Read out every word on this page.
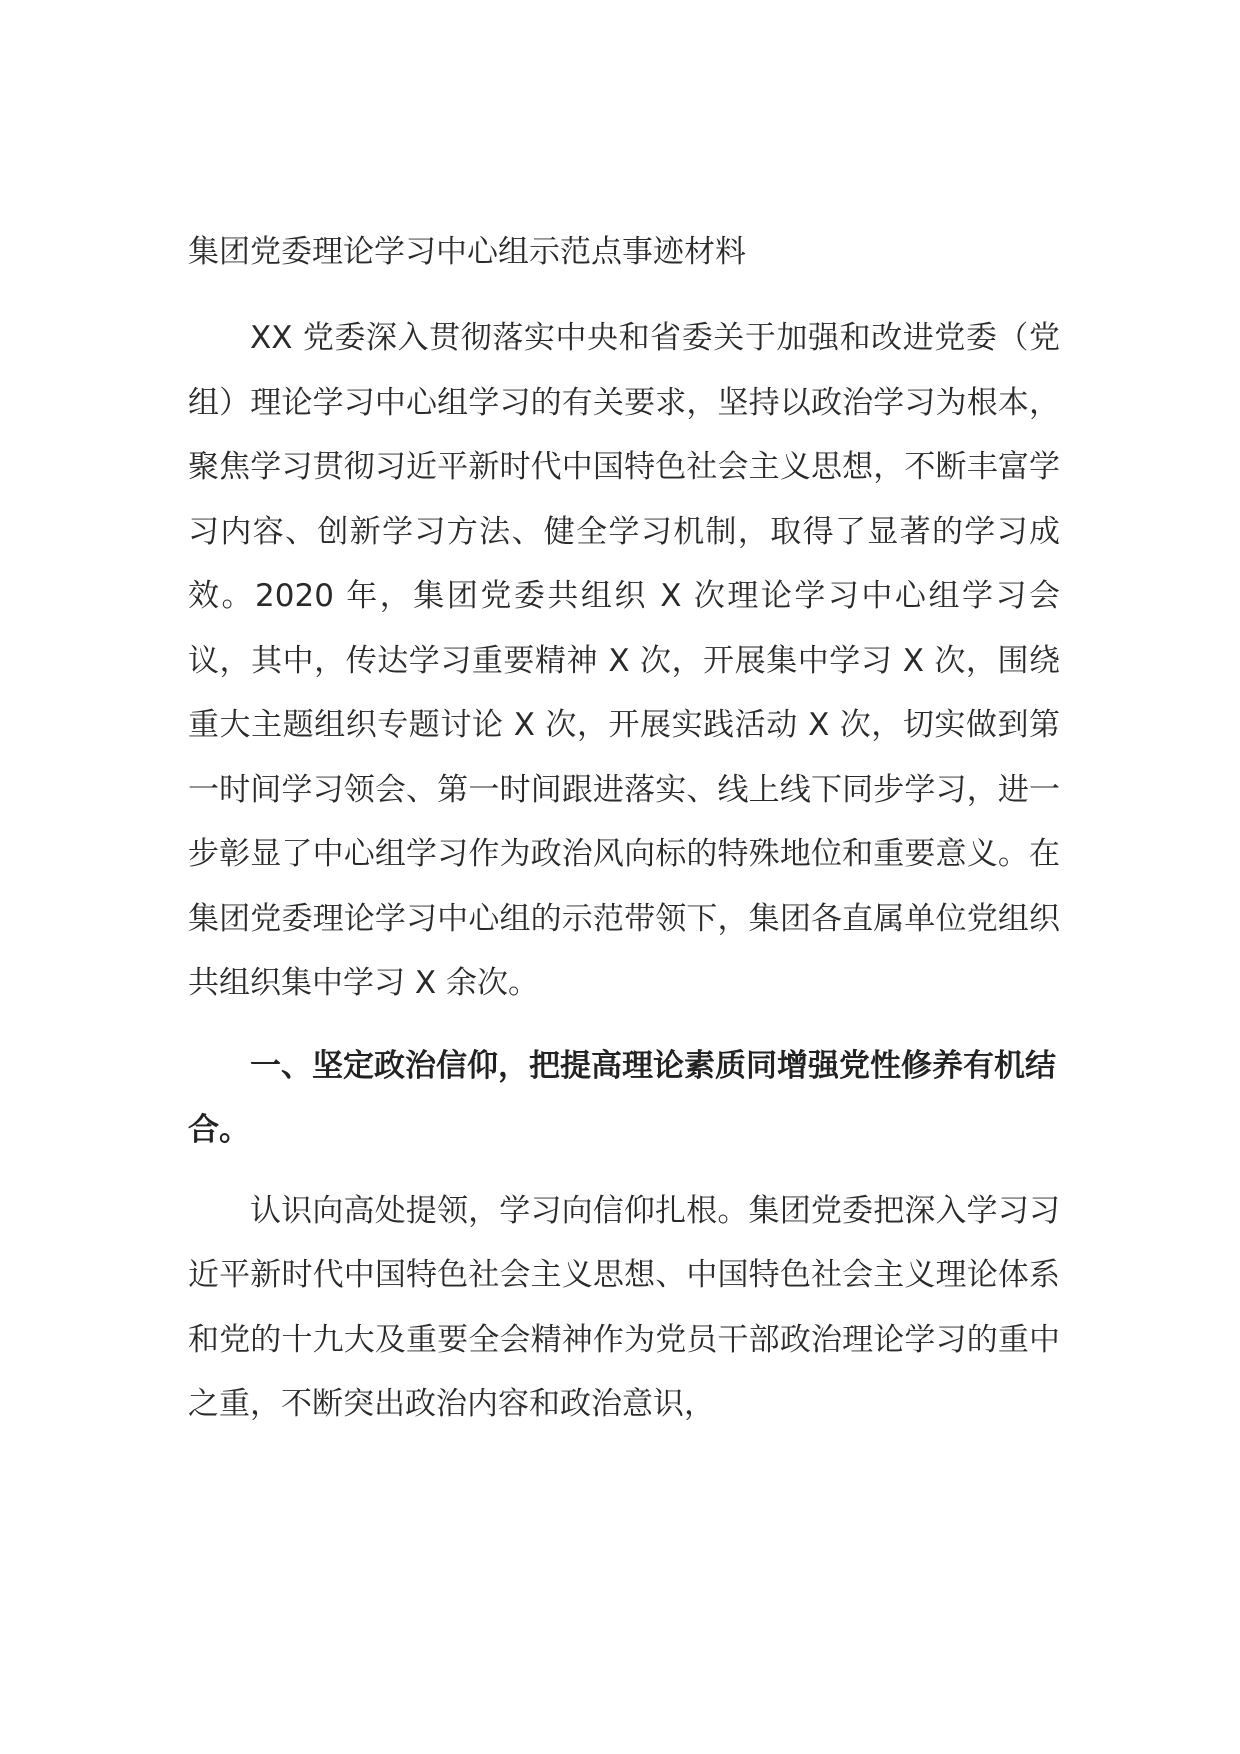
集团党委理论学习中心组示范点事迹材料

XX 党委深入贯彻落实中央和省委关于加强和改进党委（党组）理论学习中心组学习的有关要求，坚持以政治学习为根本，聚焦学习贯彻习近平新时代中国特色社会主义思想，不断丰富学习内容、创新学习方法、健全学习机制，取得了显著的学习成效。2020 年，集团党委共组织 X 次理论学习中心组学习会议，其中，传达学习重要精神 X 次，开展集中学习 X 次，围绕重大主题组织专题讨论 X 次，开展实践活动 X 次，切实做到第一时间学习领会、第一时间跟进落实、线上线下同步学习，进一步彰显了中心组学习作为政治风向标的特殊地位和重要意义。在集团党委理论学习中心组的示范带领下，集团各直属单位党组织共组织集中学习 X 余次。

一、坚定政治信仰，把提高理论素质同增强党性修养有机结合。

认识向高处提领，学习向信仰扎根。集团党委把深入学习习近平新时代中国特色社会主义思想、中国特色社会主义理论体系和党的十九大及重要全会精神作为党员干部政治理论学习的重中之重，不断突出政治内容和政治意识，
